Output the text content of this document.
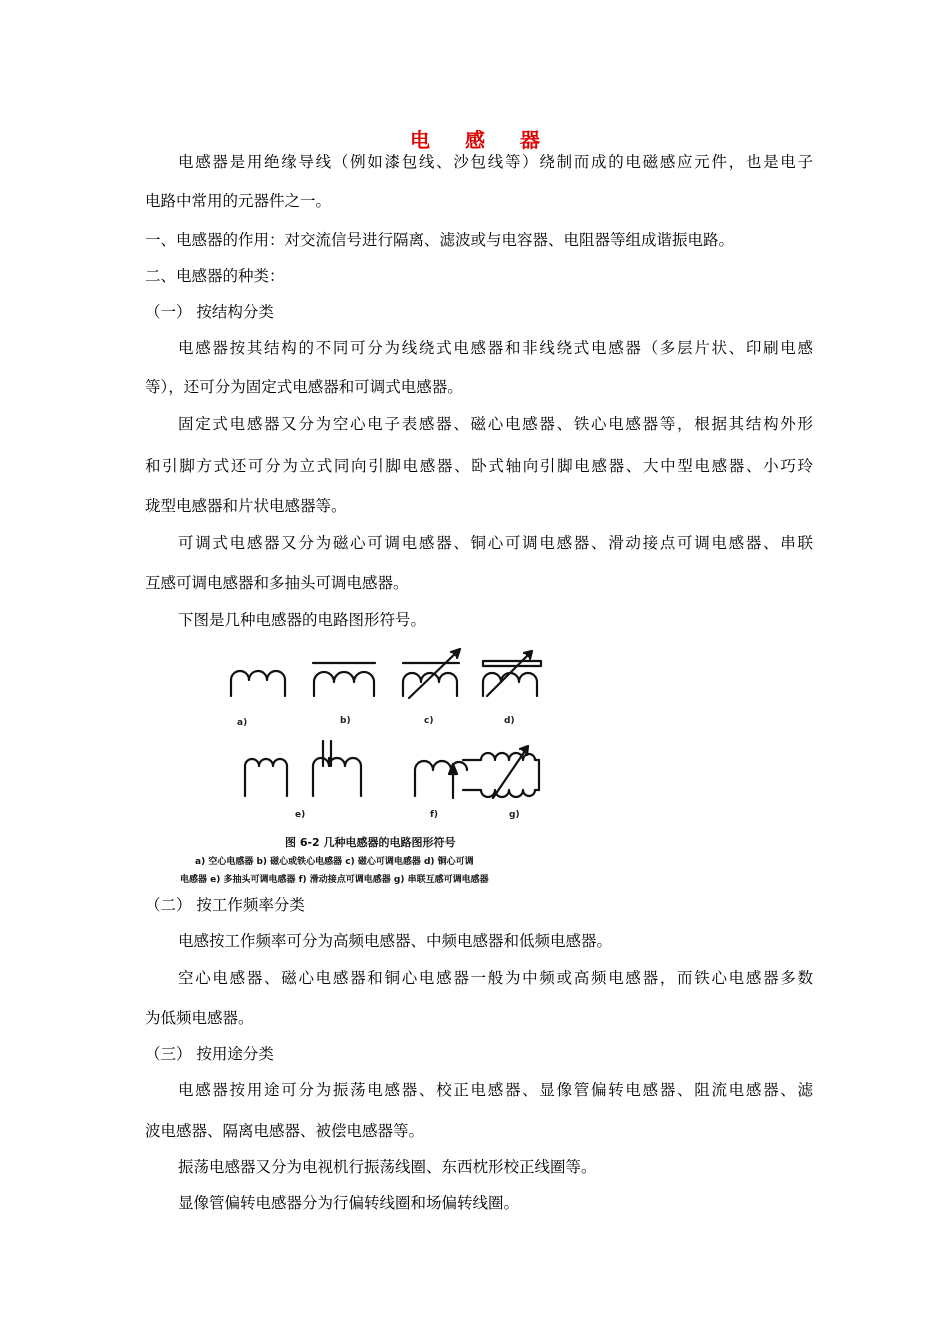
电 感 器
电感器是用绝缘导线（例如漆包线、沙包线等）绕制而成的电磁感应元件，也是电子
电路中常用的元器件之一。
一、电感器的作用：对交流信号进行隔离、滤波或与电容器、电阻器等组成谐振电路。
二、电感器的种类：
（一） 按结构分类
电感器按其结构的不同可分为线绕式电感器和非线绕式电感器（多层片状、印刷电感
等），还可分为固定式电感器和可调式电感器。
固定式电感器又分为空心电子表感器、磁心电感器、铁心电感器等，根据其结构外形
和引脚方式还可分为立式同向引脚电感器、卧式轴向引脚电感器、大中型电感器、小巧玲
珑型电感器和片状电感器等。
可调式电感器又分为磁心可调电感器、铜心可调电感器、滑动接点可调电感器、串联
互感可调电感器和多抽头可调电感器。
下图是几种电感器的电路图形符号。
a)	b)	c)	d)
e)	f)	g)
图 6-2 几种电感器的电路图形符号
a) 空心电感器 b) 磁心或铁心电感器 c) 磁心可调电感器 d) 铜心可调
电感器 e) 多抽头可调电感器 f) 滑动接点可调电感器 g) 串联互感可调电感器
（二） 按工作频率分类
电感按工作频率可分为高频电感器、中频电感器和低频电感器。
空心电感器、磁心电感器和铜心电感器一般为中频或高频电感器，而铁心电感器多数
为低频电感器。
（三） 按用途分类
电感器按用途可分为振荡电感器、校正电感器、显像管偏转电感器、阻流电感器、滤
波电感器、隔离电感器、被偿电感器等。
振荡电感器又分为电视机行振荡线圈、东西枕形校正线圈等。
显像管偏转电感器分为行偏转线圈和场偏转线圈。
